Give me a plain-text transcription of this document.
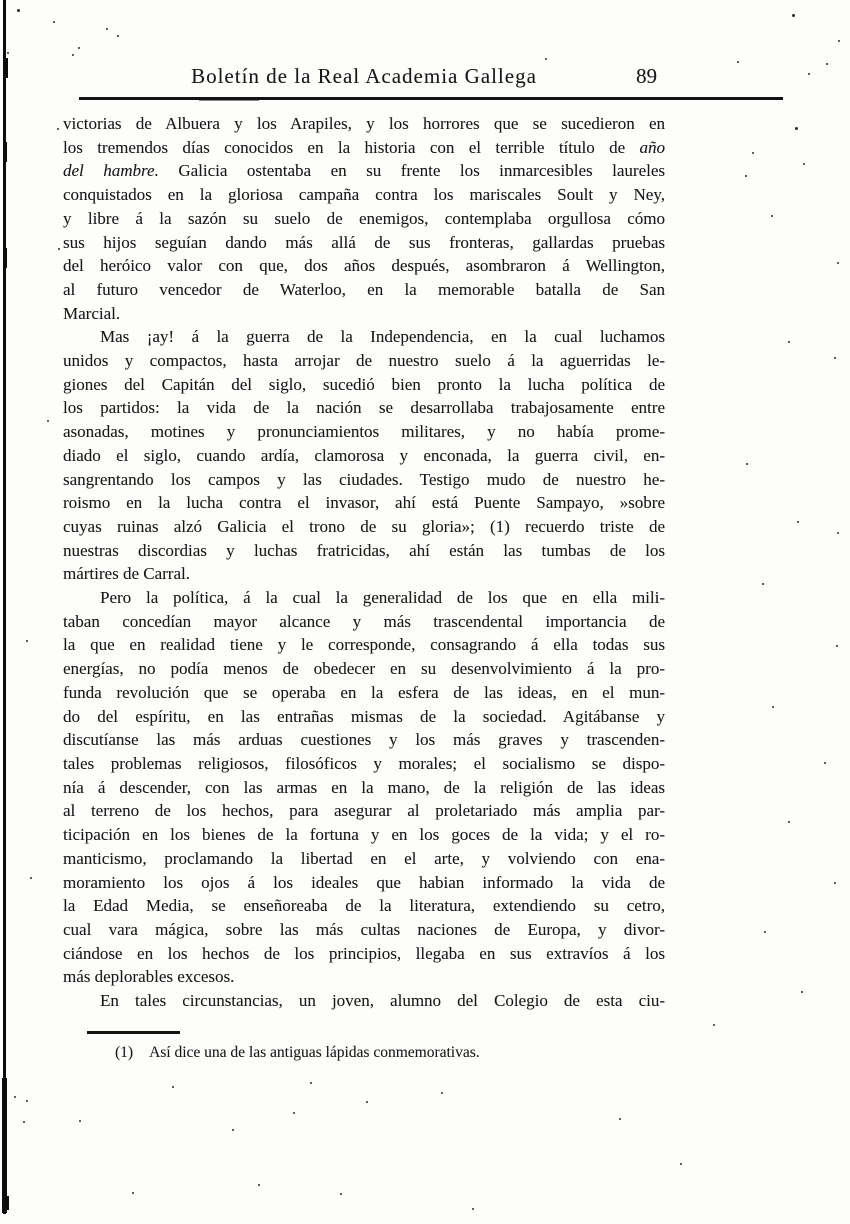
Boletín de la Real Academia Gallega	89

victorias de Albuera y los Arapiles, y los horrores que se sucedieron en
los tremendos días conocidos en la historia con el terrible título de año
del hambre. Galicia ostentaba en su frente los inmarcesibles laureles
conquistados en la gloriosa campaña contra los mariscales Soult y Ney,
y libre á la sazón su suelo de enemigos, contemplaba orgullosa cómo
sus hijos seguían dando más allá de sus fronteras, gallardas pruebas
del heróico valor con que, dos años después, asombraron á Wellington,
al futuro vencedor de Waterloo, en la memorable batalla de San
Marcial.

Mas ¡ay! á la guerra de la Independencia, en la cual luchamos
unidos y compactos, hasta arrojar de nuestro suelo á la aguerridas le-
giones del Capitán del siglo, sucedió bien pronto la lucha política de
los partidos: la vida de la nación se desarrollaba trabajosamente entre
asonadas, motines y pronunciamientos militares, y no había prome-
diado el siglo, cuando ardía, clamorosa y enconada, la guerra civil, en-
sangrentando los campos y las ciudades. Testigo mudo de nuestro he-
roismo en la lucha contra el invasor, ahí está Puente Sampayo, »sobre
cuyas ruinas alzó Galicia el trono de su gloria»; (1) recuerdo triste de
nuestras discordias y luchas fratricidas, ahí están las tumbas de los
mártires de Carral.

Pero la política, á la cual la generalidad de los que en ella mili-
taban concedían mayor alcance y más trascendental importancia de
la que en realidad tiene y le corresponde, consagrando á ella todas sus
energías, no podía menos de obedecer en su desenvolvimiento á la pro-
funda revolución que se operaba en la esfera de las ideas, en el mun-
do del espíritu, en las entrañas mismas de la sociedad. Agitábanse y
discutíanse las más arduas cuestiones y los más graves y trascenden-
tales problemas religiosos, filosóficos y morales; el socialismo se dispo-
nía á descender, con las armas en la mano, de la religión de las ideas
al terreno de los hechos, para asegurar al proletariado más amplia par-
ticipación en los bienes de la fortuna y en los goces de la vida; y el ro-
manticismo, proclamando la libertad en el arte, y volviendo con ena-
moramiento los ojos á los ideales que habian informado la vida de
la Edad Media, se enseñoreaba de la literatura, extendiendo su cetro,
cual vara mágica, sobre las más cultas naciones de Europa, y divor-
ciándose en los hechos de los principios, llegaba en sus extravíos á los
más deplorables excesos.

En tales circunstancias, un joven, alumno del Colegio de esta ciu-

(1) Así dice una de las antiguas lápidas conmemorativas.
